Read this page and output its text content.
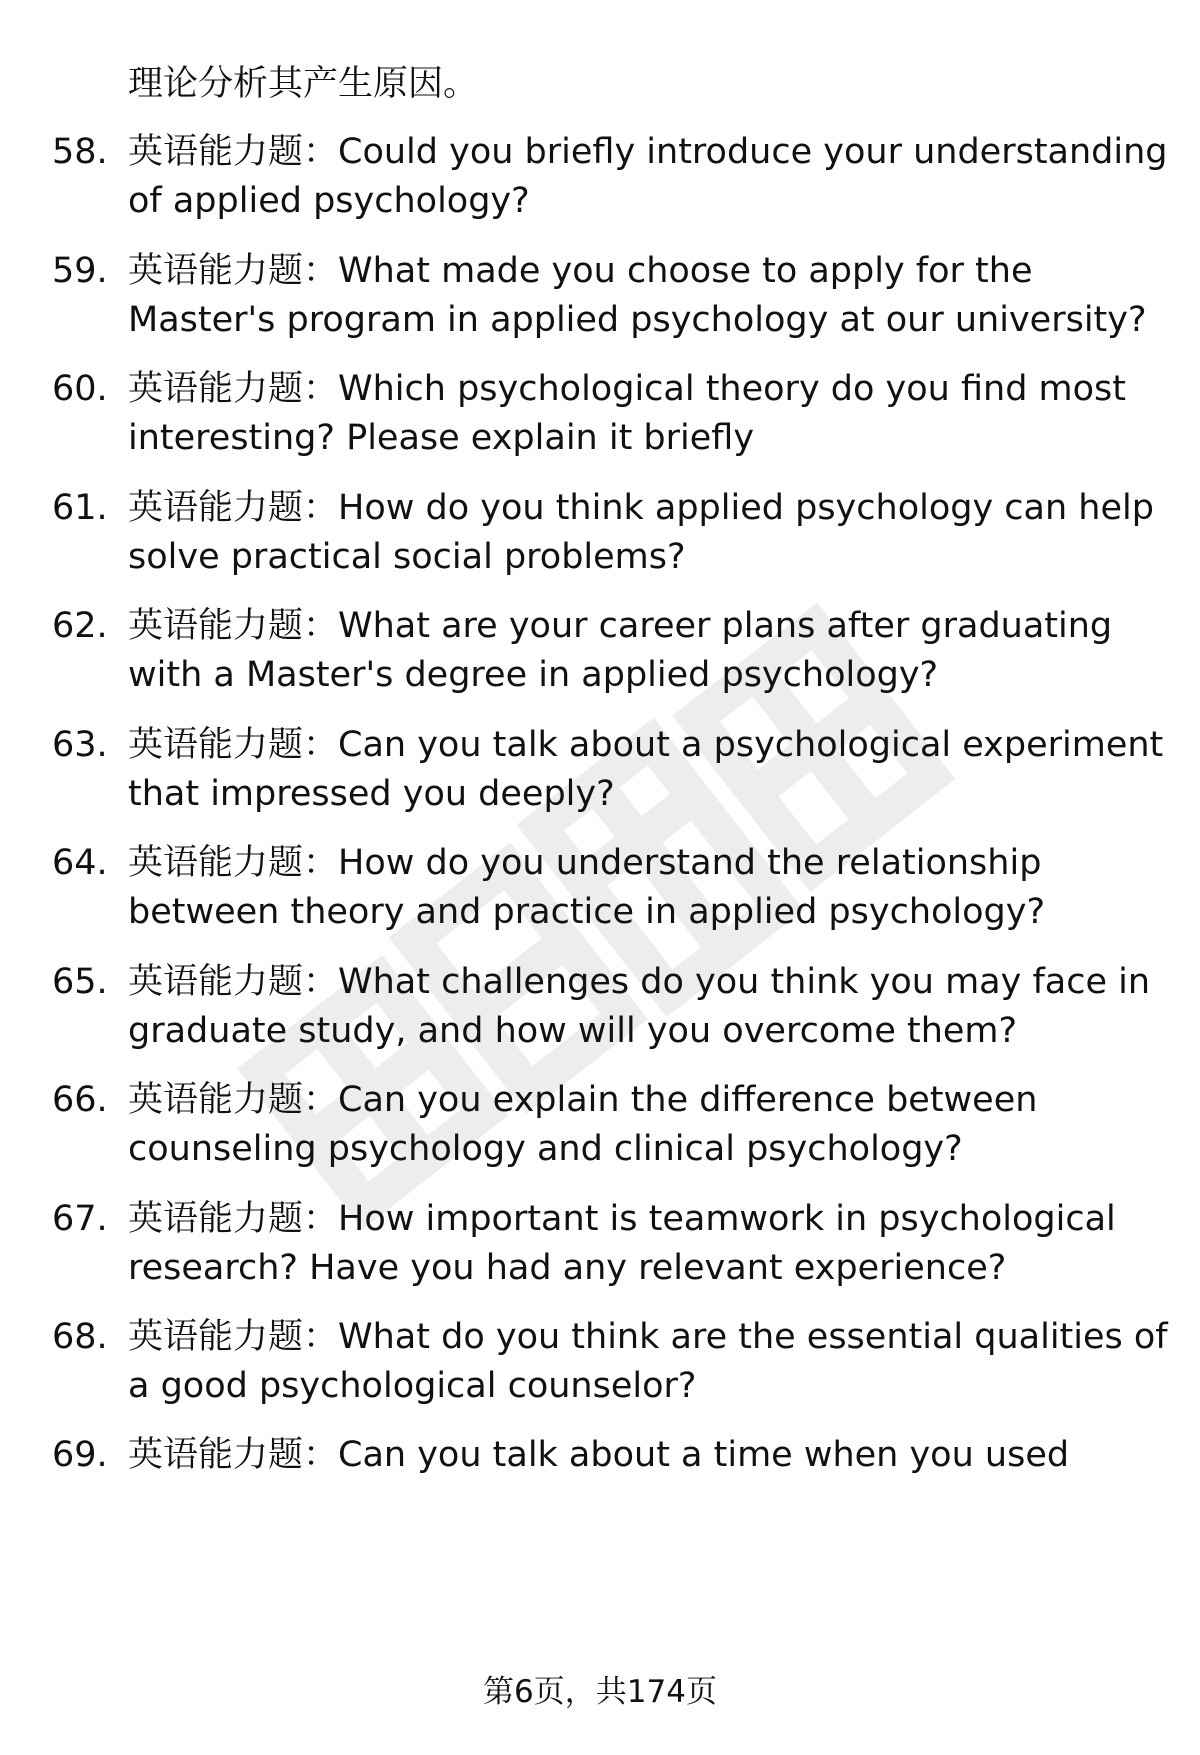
理论分析其产生原因。
58. 英语能力题：Could you briefly introduce your understanding of applied psychology?
59. 英语能力题：What made you choose to apply for the Master's program in applied psychology at our university?
60. 英语能力题：Which psychological theory do you find most interesting? Please explain it briefly
61. 英语能力题：How do you think applied psychology can help solve practical social problems?
62. 英语能力题：What are your career plans after graduating with a Master's degree in applied psychology?
63. 英语能力题：Can you talk about a psychological experiment that impressed you deeply?
64. 英语能力题：How do you understand the relationship between theory and practice in applied psychology?
65. 英语能力题：What challenges do you think you may face in graduate study, and how will you overcome them?
66. 英语能力题：Can you explain the difference between counseling psychology and clinical psychology?
67. 英语能力题：How important is teamwork in psychological research? Have you had any relevant experience?
68. 英语能力题：What do you think are the essential qualities of a good psychological counselor?
69. 英语能力题：Can you talk about a time when you used
第6页，共174页
